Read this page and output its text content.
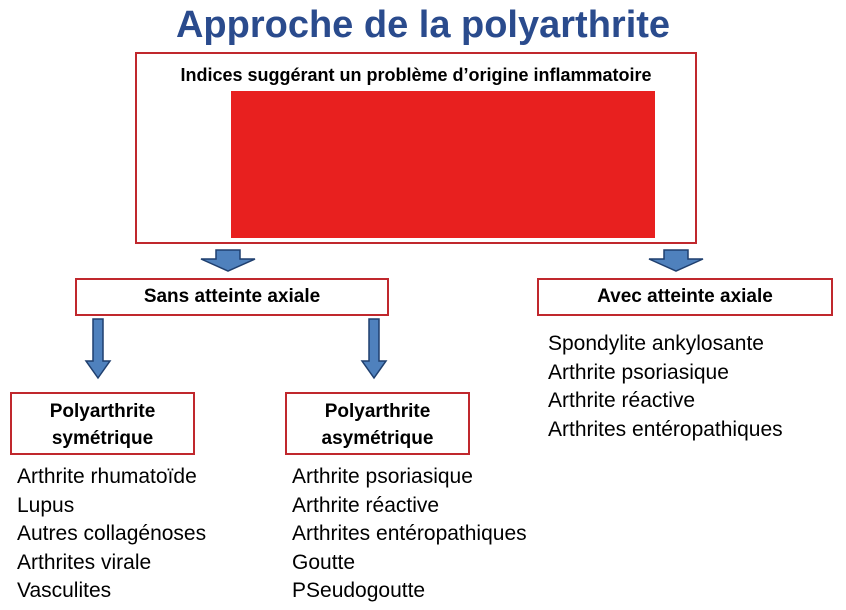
Approche de la polyarthrite
Indices suggérant un problème d’origine inflammatoire
Sans atteinte axiale	Avec atteinte axiale
Polyarthrite
symétrique
Polyarthrite
asymétrique
Arthrite rhumatoïde
Lupus
Autres collagénoses
Arthrites virale
Vasculites
Arthrite psoriasique
Arthrite réactive
Arthrites entéropathiques
Goutte
PSeudogoutte
Spondylite ankylosante
Arthrite psoriasique
Arthrite réactive
Arthrites entéropathiques
